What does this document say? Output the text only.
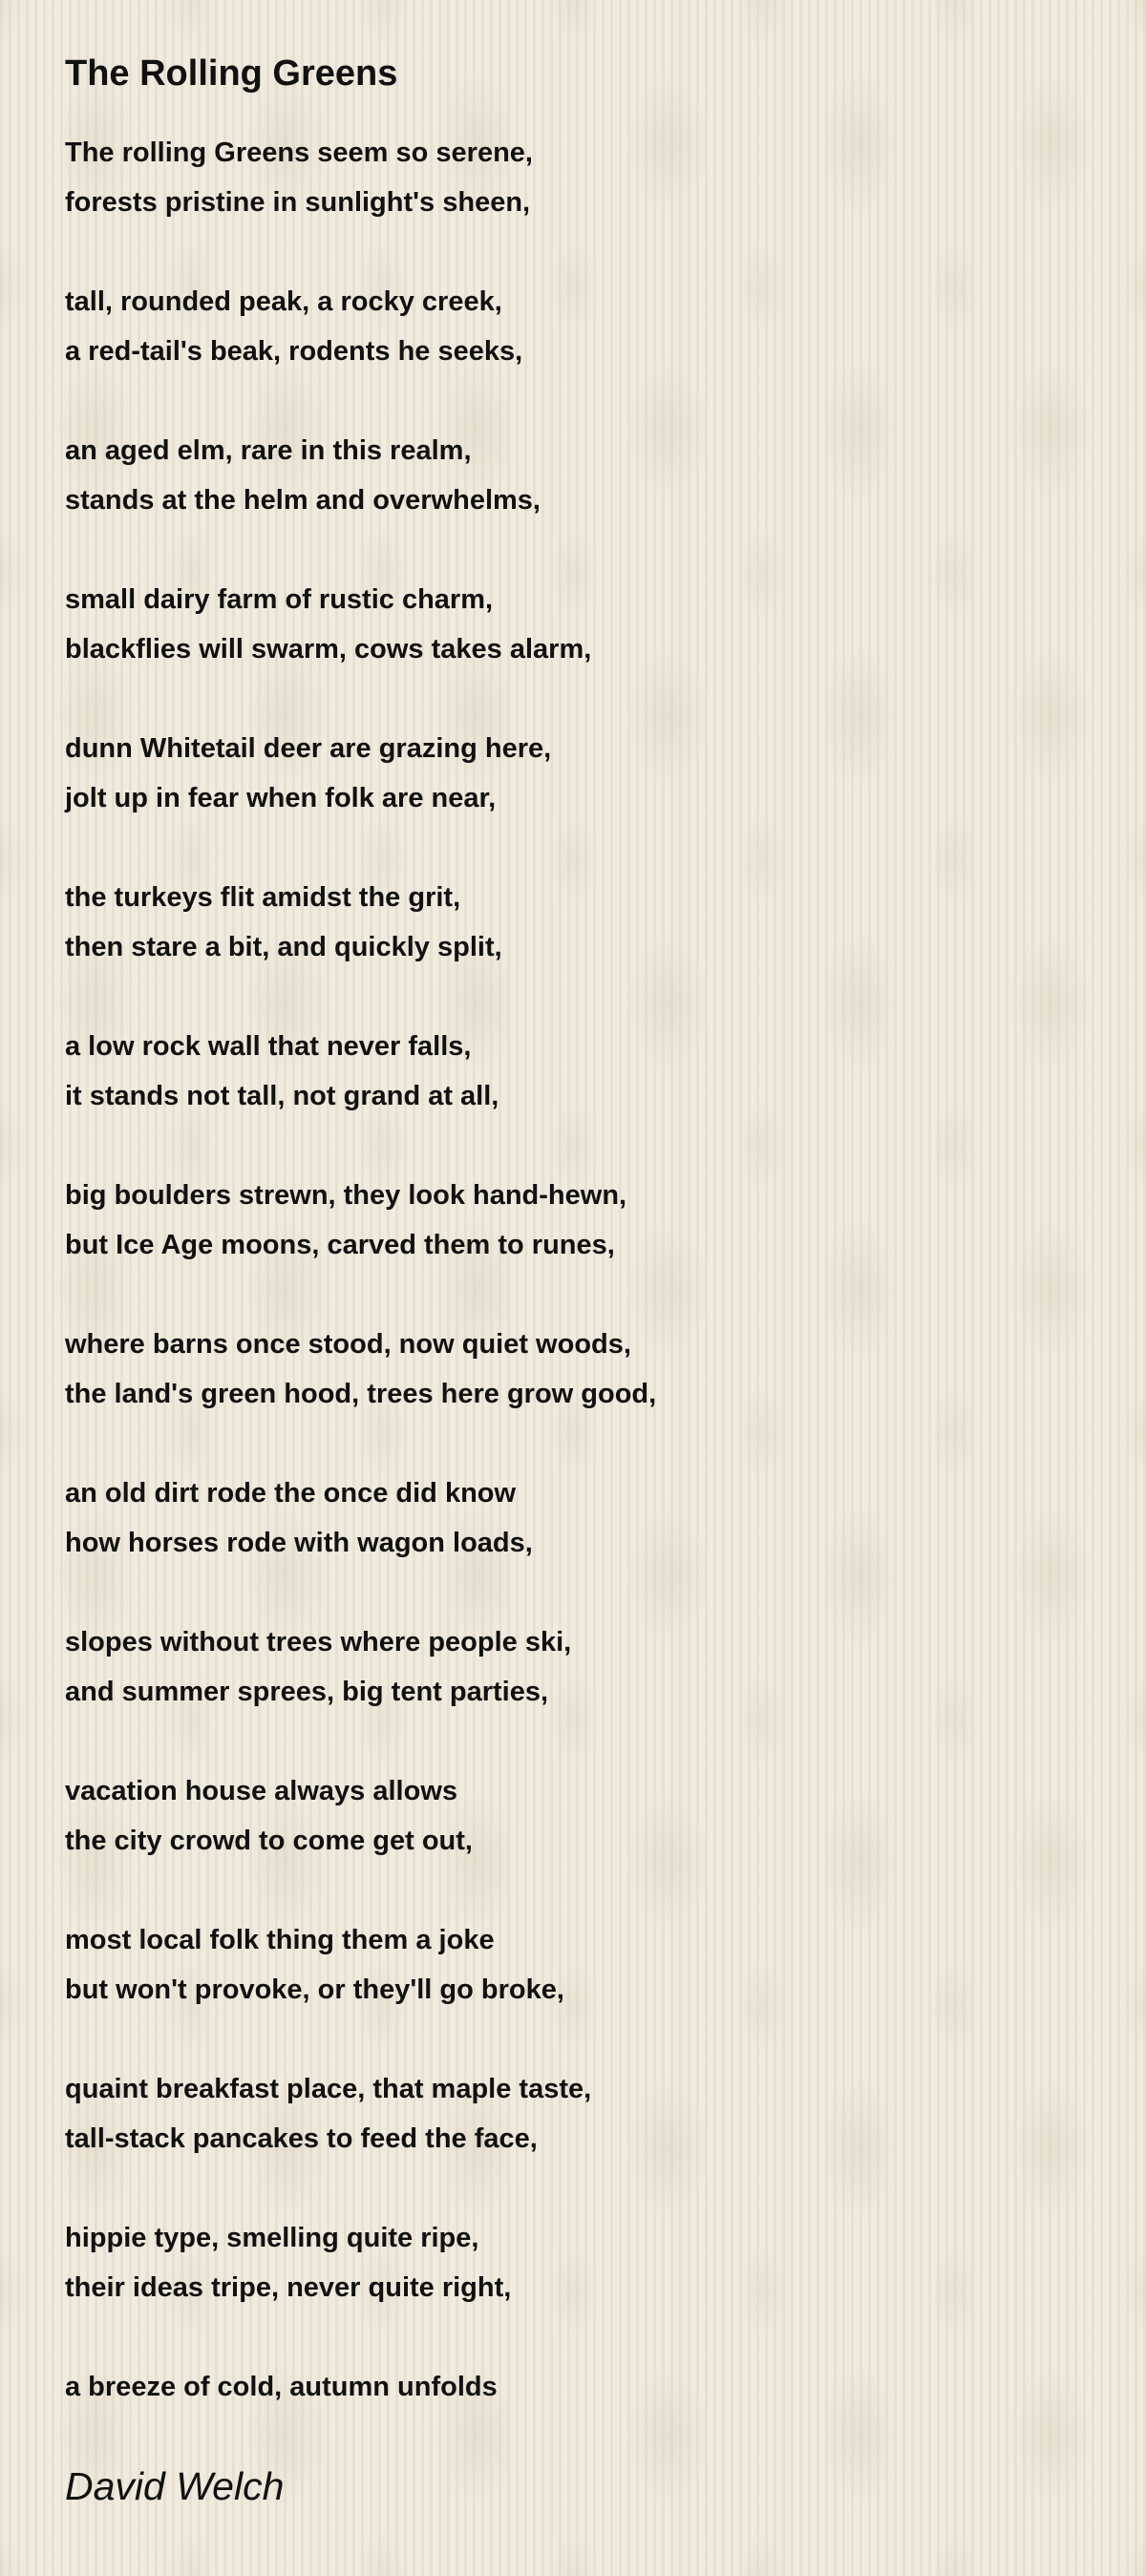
The Rolling Greens
The rolling Greens seem so serene,
forests pristine in sunlight's sheen,
tall, rounded peak, a rocky creek,
a red-tail's beak, rodents he seeks,
an aged elm, rare in this realm,
stands at the helm and overwhelms,
small dairy farm of rustic charm,
blackflies will swarm, cows takes alarm,
dunn Whitetail deer are grazing here,
jolt up in fear when folk are near,
the turkeys flit amidst the grit,
then stare a bit, and quickly split,
a low rock wall that never falls,
it stands not tall, not grand at all,
big boulders strewn, they look hand-hewn,
but Ice Age moons, carved them to runes,
where barns once stood, now quiet woods,
the land's green hood, trees here grow good,
an old dirt rode the once did know
how horses rode with wagon loads,
slopes without trees where people ski,
and summer sprees, big tent parties,
vacation house always allows
the city crowd to come get out,
most local folk thing them a joke
but won't provoke, or they'll go broke,
quaint breakfast place, that maple taste,
tall-stack pancakes to feed the face,
hippie type, smelling quite ripe,
their ideas tripe, never quite right,
a breeze of cold, autumn unfolds
David Welch
